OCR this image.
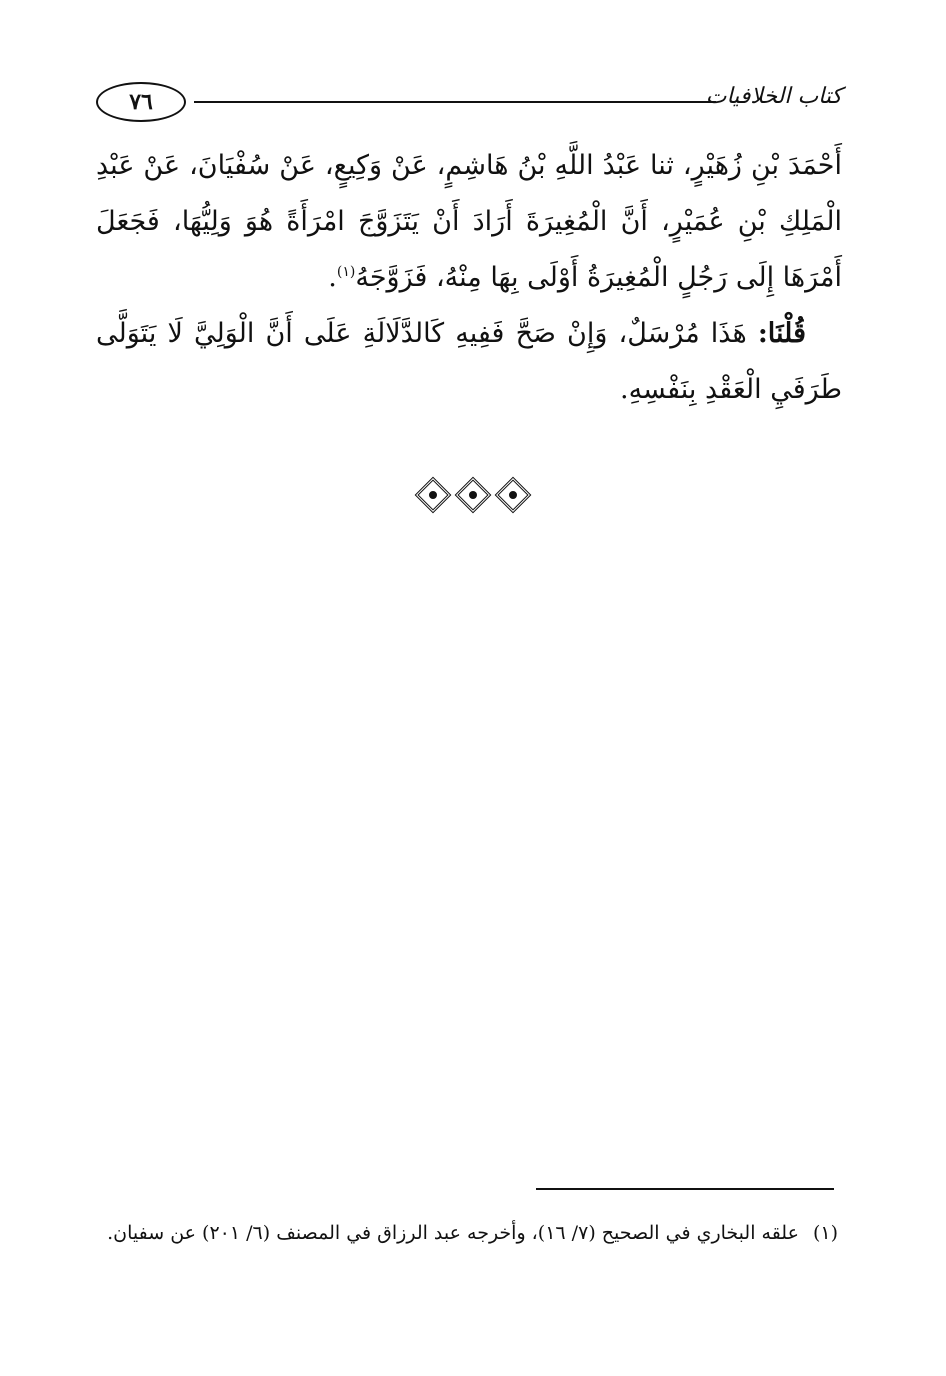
٧٦	كتاب الخلافيات

أَحْمَدَ بْنِ زُهَيْرٍ، ثنا عَبْدُ اللَّهِ بْنُ هَاشِمٍ، عَنْ وَكِيعٍ، عَنْ سُفْيَانَ، عَنْ عَبْدِ الْمَلِكِ بْنِ عُمَيْرٍ، أَنَّ الْمُغِيرَةَ أَرَادَ أَنْ يَتَزَوَّجَ امْرَأَةً هُوَ وَلِيُّهَا، فَجَعَلَ أَمْرَهَا إِلَى رَجُلٍ الْمُغِيرَةُ أَوْلَى بِهَا مِنْهُ، فَزَوَّجَهُ$^{(١)}$.

قُلْنَا: هَذَا مُرْسَلٌ، وَإِنْ صَحَّ فَفِيهِ كَالدَّلَالَةِ عَلَى أَنَّ الْوَلِيَّ لَا يَتَوَلَّى طَرَفَيِ الْعَقْدِ بِنَفْسِهِ.

(١)علقه البخاري في الصحيح (٧/ ١٦)، وأخرجه عبد الرزاق في المصنف (٦/ ٢٠١) عن سفيان.
